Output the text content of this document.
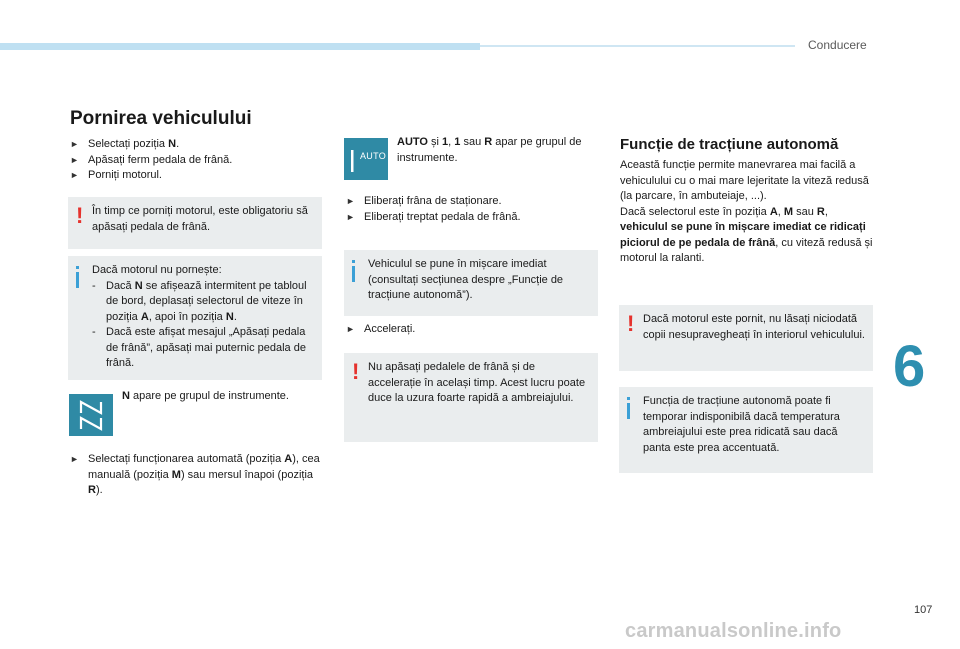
Conducere
6
Pornirea vehiculului
► Selectați poziția N.
► Apăsați ferm pedala de frână.
► Porniți motorul.
! În timp ce porniți motorul, este obligatoriu să apăsați pedala de frână.
Dacă motorul nu pornește:
- Dacă N se afișează intermitent pe tabloul de bord, deplasați selectorul de viteze în poziția A, apoi în poziția N.
- Dacă este afișat mesajul „Apăsați pedala de frână”, apăsați mai puternic pedala de frână.
N apare pe grupul de instrumente.
► Selectați funcționarea automată (poziția A), cea manuală (poziția M) sau mersul înapoi (poziția R).
AUTO
AUTO și 1, 1 sau R apar pe grupul de instrumente.
► Eliberați frâna de staționare.
► Eliberați treptat pedala de frână.
Vehiculul se pune în mișcare imediat (consultați secțiunea despre „Funcție de tracțiune autonomă”).
► Accelerați.
! Nu apăsați pedalele de frână și de accelerație în același timp. Acest lucru poate duce la uzura foarte rapidă a ambreiajului.
Funcție de tracțiune autonomă
Această funcție permite manevrarea mai facilă a vehiculului cu o mai mare lejeritate la viteză redusă (la parcare, în ambuteiaje, ...).
Dacă selectorul este în poziția A, M sau R, vehiculul se pune în mișcare imediat ce ridicați piciorul de pe pedala de frână, cu viteză redusă și motorul la ralanti.
! Dacă motorul este pornit, nu lăsați niciodată copii nesupravegheați în interiorul vehiculului.
Funcția de tracțiune autonomă poate fi temporar indisponibilă dacă temperatura ambreiajului este prea ridicată sau dacă panta este prea accentuată.
107
carmanualsonline.info
